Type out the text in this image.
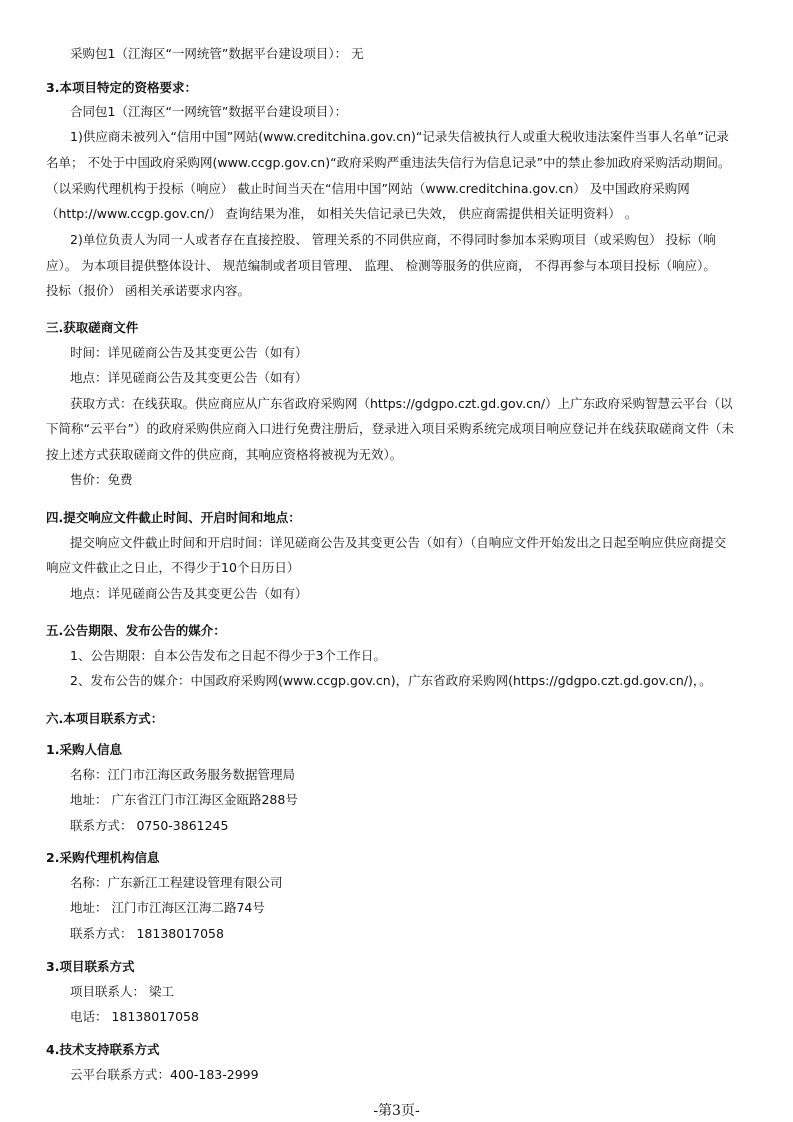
采购包1（江海区“一网统管”数据平台建设项目）： 无
3.本项目特定的资格要求：
合同包1（江海区“一网统管”数据平台建设项目）：
1)供应商未被列入“信用中国”网站(www.creditchina.gov.cn)“记录失信被执行人或重大税收违法案件当事人名单”记录
名单； 不处于中国政府采购网(www.ccgp.gov.cn)“政府采购严重违法失信行为信息记录”中的禁止参加政府采购活动期间。
（以采购代理机构于投标（响应） 截止时间当天在“信用中国”网站（www.creditchina.gov.cn） 及中国政府采购网
（http://www.ccgp.gov.cn/） 查询结果为准， 如相关失信记录已失效， 供应商需提供相关证明资料） 。
2)单位负责人为同一人或者存在直接控股、 管理关系的不同供应商，不得同时参加本采购项目（或采购包） 投标（响
应）。 为本项目提供整体设计、 规范编制或者项目管理、 监理、 检测等服务的供应商， 不得再参与本项目投标（响应）。
投标（报价） 函相关承诺要求内容。
三.获取磋商文件
时间：详见磋商公告及其变更公告（如有）
地点：详见磋商公告及其变更公告（如有）
获取方式：在线获取。供应商应从广东省政府采购网（https://gdgpo.czt.gd.gov.cn/）上广东政府采购智慧云平台（以
下简称“云平台”）的政府采购供应商入口进行免费注册后，登录进入项目采购系统完成项目响应登记并在线获取磋商文件（未
按上述方式获取磋商文件的供应商，其响应资格将被视为无效）。
售价：免费
四.提交响应文件截止时间、开启时间和地点：
提交响应文件截止时间和开启时间：详见磋商公告及其变更公告（如有）（自响应文件开始发出之日起至响应供应商提交
响应文件截止之日止，不得少于10个日历日）
地点：详见磋商公告及其变更公告（如有）
五.公告期限、发布公告的媒介：
1、公告期限：自本公告发布之日起不得少于3个工作日。
2、发布公告的媒介：中国政府采购网(www.ccgp.gov.cn)，广东省政府采购网(https://gdgpo.czt.gd.gov.cn/)，。
六.本项目联系方式：
1.采购人信息
名称：江门市江海区政务服务数据管理局
地址： 广东省江门市江海区金瓯路288号
联系方式： 0750-3861245
2.采购代理机构信息
名称：广东新江工程建设管理有限公司
地址： 江门市江海区江海二路74号
联系方式： 18138017058
3.项目联系方式
项目联系人： 梁工
电话： 18138017058
4.技术支持联系方式
云平台联系方式：400-183-2999
-第3页-
